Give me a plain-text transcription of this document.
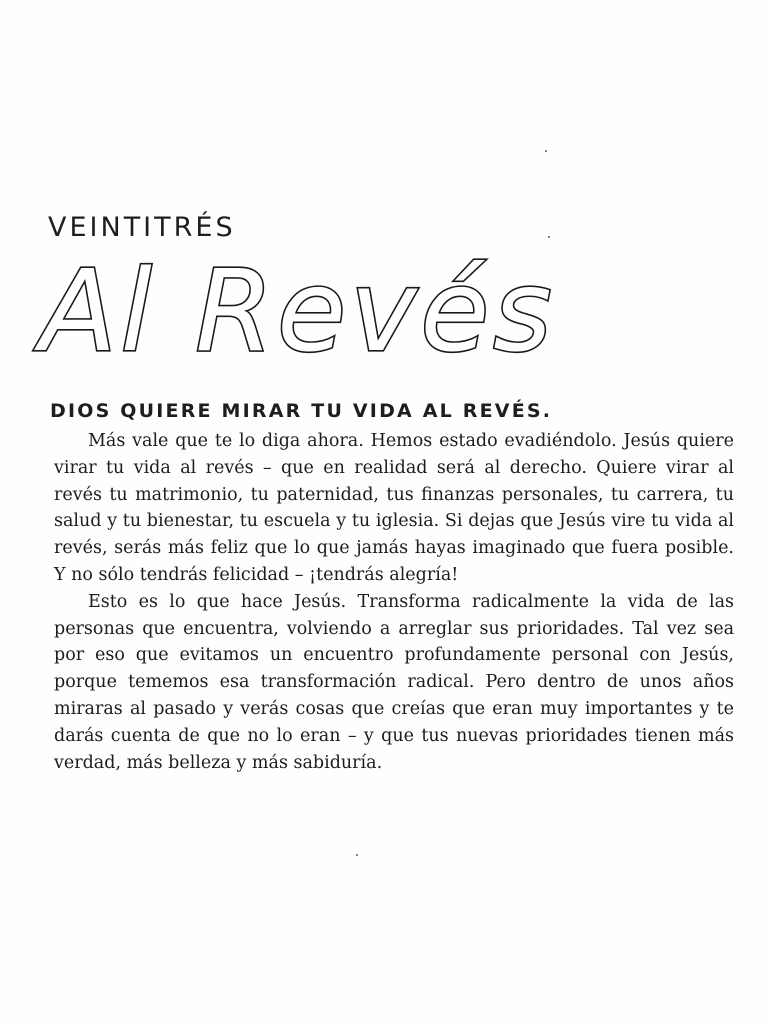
VEINTITRÉS
Al Revés
DIOS QUIERE MIRAR TU VIDA AL REVÉS.

Más vale que te lo diga ahora. Hemos estado evadiéndolo. Jesús quiere virar tu vida al revés – que en realidad será al derecho. Quiere virar al revés tu matrimonio, tu paternidad, tus finanzas personales, tu carrera, tu salud y tu bienestar, tu escuela y tu iglesia. Si dejas que Jesús vire tu vida al revés, serás más feliz que lo que jamás hayas imaginado que fuera posible. Y no sólo tendrás felicidad – ¡tendrás alegría!

Esto es lo que hace Jesús. Transforma radicalmente la vida de las personas que encuentra, volviendo a arreglar sus prioridades. Tal vez sea por eso que evitamos un encuentro profundamente personal con Jesús, porque tememos esa transformación radical. Pero dentro de unos años miraras al pasado y verás cosas que creías que eran muy importantes y te darás cuenta de que no lo eran – y que tus nuevas prioridades tienen más verdad, más belleza y más sabiduría.
